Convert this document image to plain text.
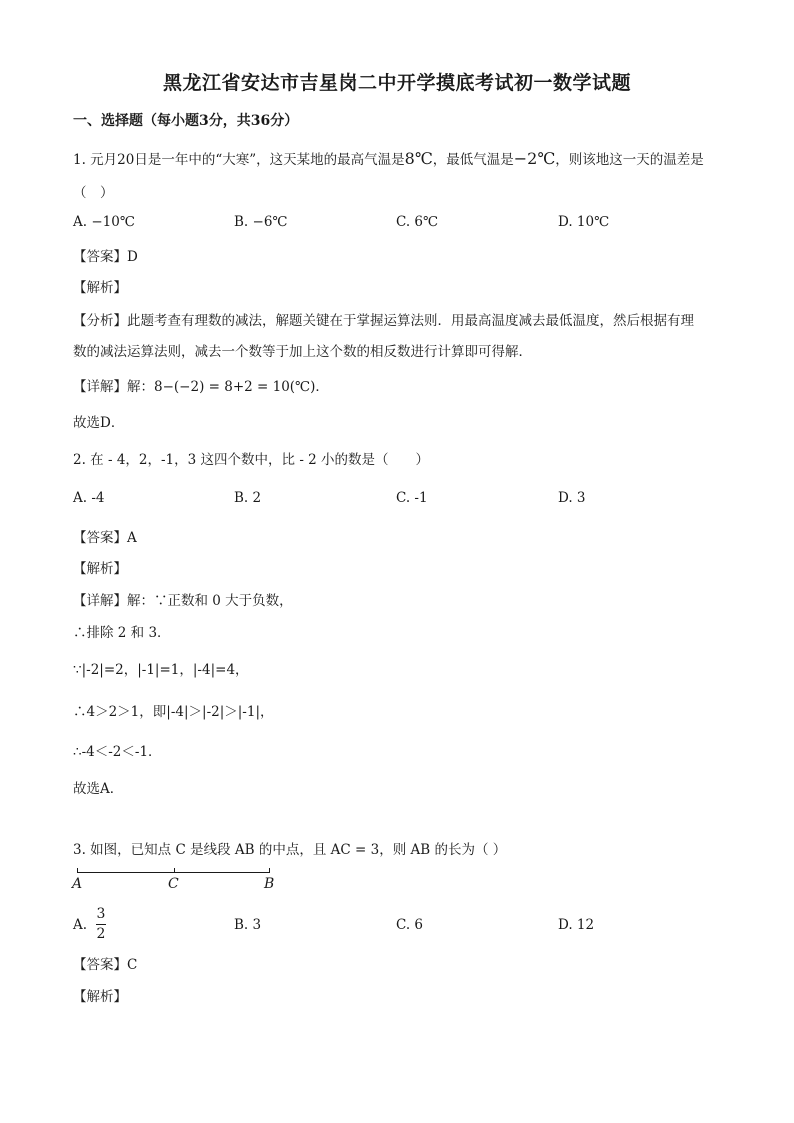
黑龙江省安达市吉星岗二中开学摸底考试初一数学试题
一、选择题（每小题3分，共36分）
1. 元月20日是一年中的“大寒”，这天某地的最高气温是8℃，最低气温是−2℃，则该地这一天的温差是
（　）
A. −10℃	B. −6℃	C. 6℃	D. 10℃
【答案】D
【解析】
【分析】此题考查有理数的减法，解题关键在于掌握运算法则．用最高温度减去最低温度，然后根据有理
数的减法运算法则，减去一个数等于加上这个数的相反数进行计算即可得解．
【详解】解：8−(−2) = 8+2 = 10(℃)．
故选D．
2. 在 - 4，2，-1，3 这四个数中，比 - 2 小的数是（　　）
A. -4	B. 2	C. -1	D. 3
【答案】A
【解析】
【详解】解：∵正数和 0 大于负数，
∴排除 2 和 3．
∵|-2|=2，|-1|=1，|-4|=4，
∴4＞2＞1，即|-4|＞|-2|＞|-1|，
∴-4＜-2＜-1．
故选A．
3. 如图，已知点 C 是线段 AB 的中点，且 AC = 3，则 AB 的长为（ ）
A	C	B
A.
3
2
B. 3	C. 6	D. 12
【答案】C
【解析】
